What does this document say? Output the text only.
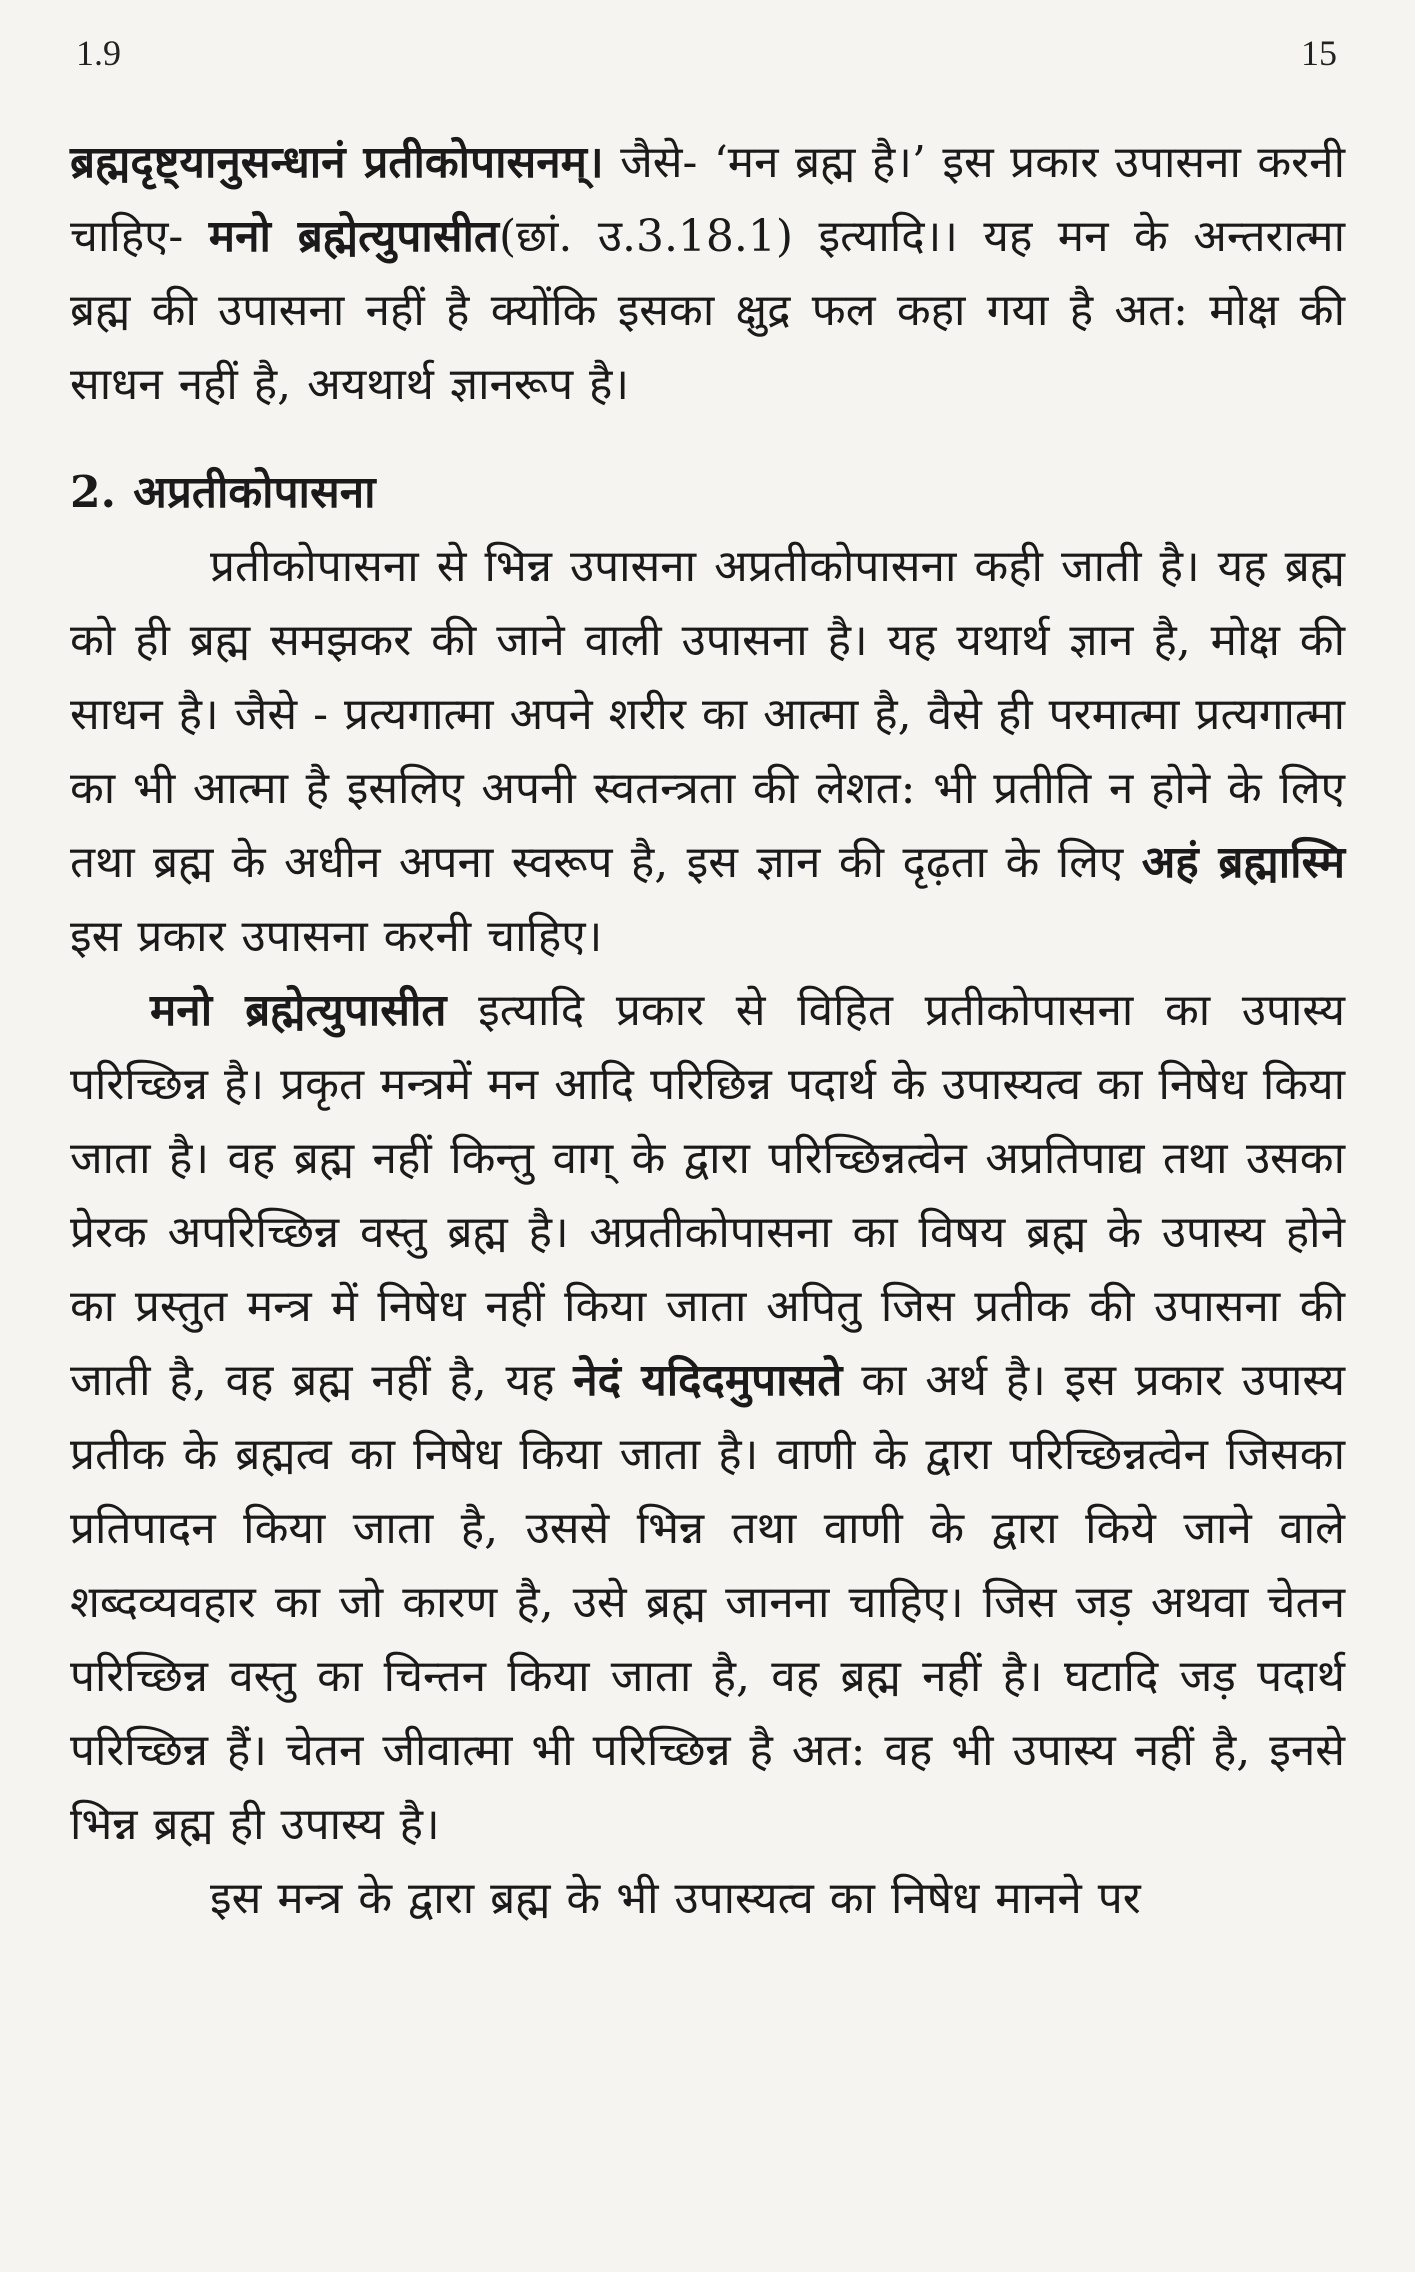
1.9	15

ब्रह्मदृष्ट्यानुसन्धानं प्रतीकोपासनम्। जैसे- ‘मन ब्रह्म है।’ इस प्रकार उपासना करनी चाहिए- मनो ब्रह्मेत्युपासीत(छां. उ.3.18.1) इत्यादि।। यह मन के अन्तरात्मा ब्रह्म की उपासना नहीं है क्योंकि इसका क्षुद्र फल कहा गया है अत: मोक्ष की साधन नहीं है, अयथार्थ ज्ञानरूप है।

2. अप्रतीकोपासना

प्रतीकोपासना से भिन्न उपासना अप्रतीकोपासना कही जाती है। यह ब्रह्म को ही ब्रह्म समझकर की जाने वाली उपासना है। यह यथार्थ ज्ञान है, मोक्ष की साधन है। जैसे - प्रत्यगात्मा अपने शरीर का आत्मा है, वैसे ही परमात्मा प्रत्यगात्मा का भी आत्मा है इसलिए अपनी स्वतन्त्रता की लेशत: भी प्रतीति न होने के लिए तथा ब्रह्म के अधीन अपना स्वरूप है, इस ज्ञान की दृढ़ता के लिए अहं ब्रह्मास्मि इस प्रकार उपासना करनी चाहिए।

मनो ब्रह्मेत्युपासीत इत्यादि प्रकार से विहित प्रतीकोपासना का उपास्य परिच्छिन्न है। प्रकृत मन्त्रमें मन आदि परिछिन्न पदार्थ के उपास्यत्व का निषेध किया जाता है। वह ब्रह्म नहीं किन्तु वाग् के द्वारा परिच्छिन्नत्वेन अप्रतिपाद्य तथा उसका प्रेरक अपरिच्छिन्न वस्तु ब्रह्म है। अप्रतीकोपासना का विषय ब्रह्म के उपास्य होने का प्रस्तुत मन्त्र में निषेध नहीं किया जाता अपितु जिस प्रतीक की उपासना की जाती है, वह ब्रह्म नहीं है, यह नेदं यदिदमुपासते का अर्थ है। इस प्रकार उपास्य प्रतीक के ब्रह्मत्व का निषेध किया जाता है। वाणी के द्वारा परिच्छिन्नत्वेन जिसका प्रतिपादन किया जाता है, उससे भिन्न तथा वाणी के द्वारा किये जाने वाले शब्दव्यवहार का जो कारण है, उसे ब्रह्म जानना चाहिए। जिस जड़ अथवा चेतन परिच्छिन्न वस्तु का चिन्तन किया जाता है, वह ब्रह्म नहीं है। घटादि जड़ पदार्थ परिच्छिन्न हैं। चेतन जीवात्मा भी परिच्छिन्न है अत: वह भी उपास्य नहीं है, इनसे भिन्न ब्रह्म ही उपास्य है।

इस मन्त्र के द्वारा ब्रह्म के भी उपास्यत्व का निषेध मानने पर
